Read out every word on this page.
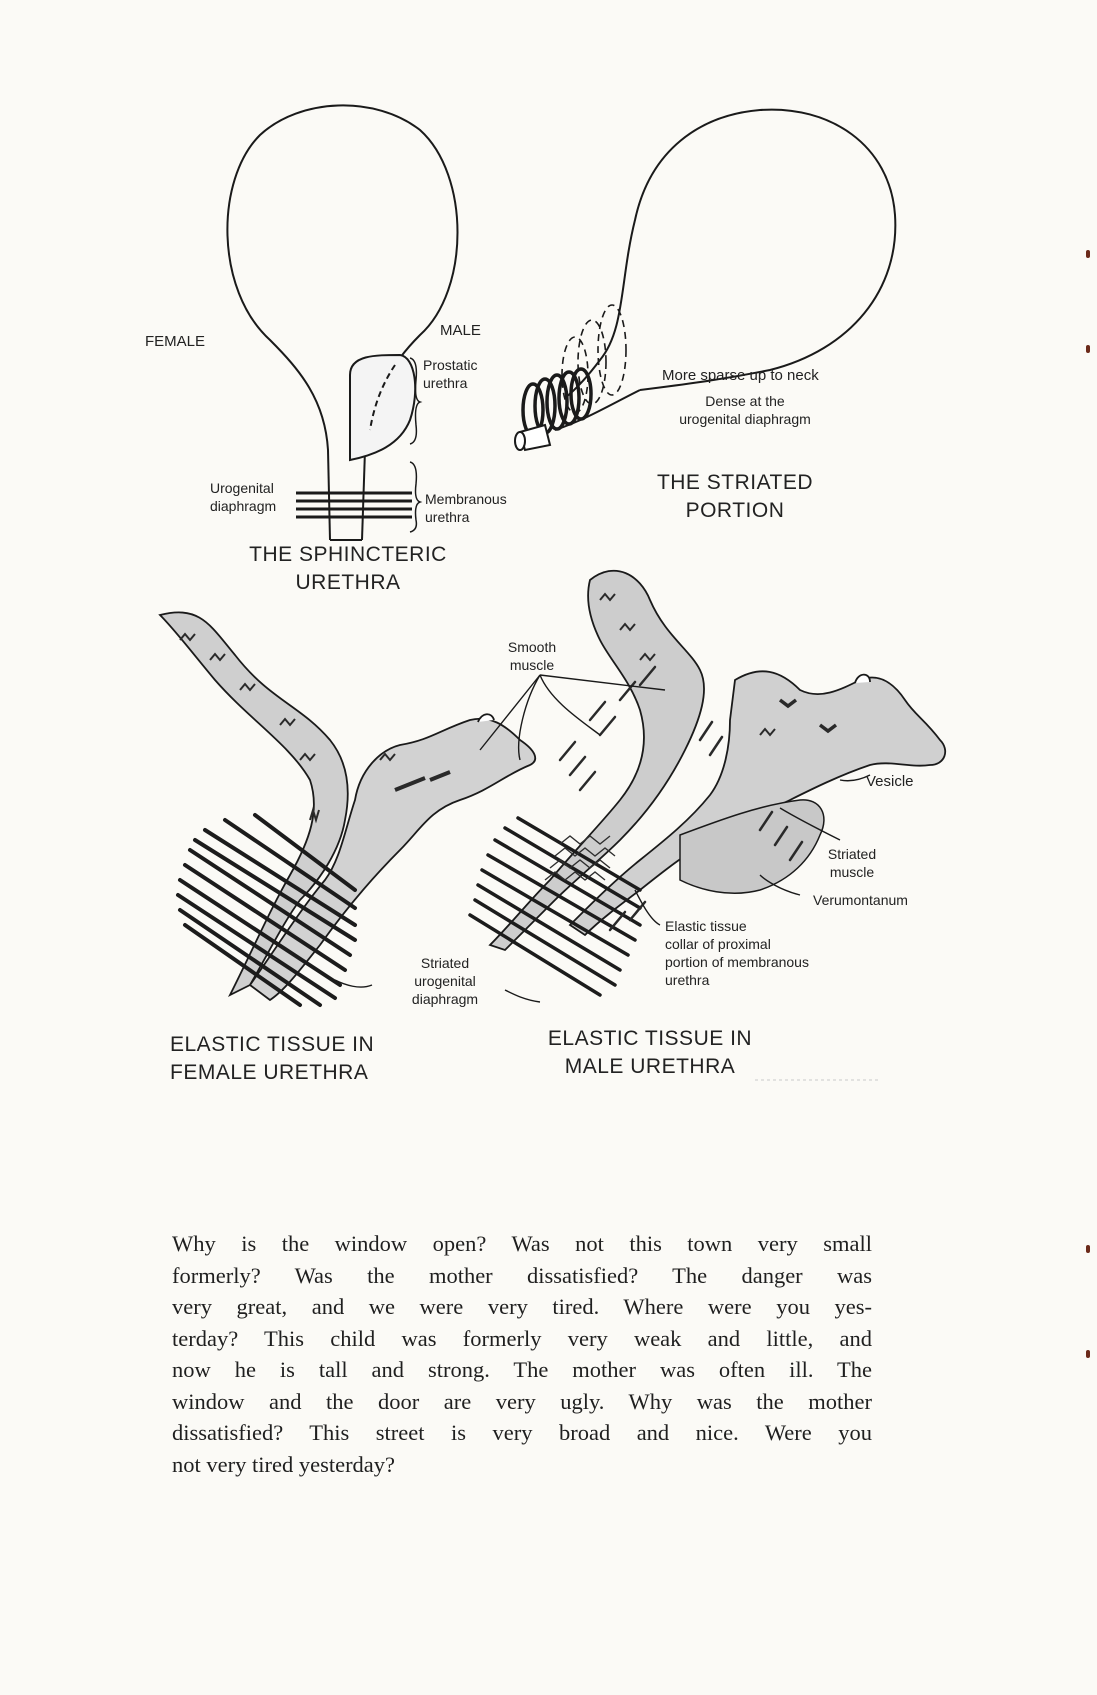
FEMALE
MALE
Prostatic
urethra
Urogenital
diaphragm	Membranous
urethra
THE SPHINCTERIC
URETHRA
More sparse up to neck
Dense at the
urogenital diaphragm
THE STRIATED
PORTION
Smooth
muscle
Vesicle
Striated
muscle
Verumontanum
Elastic tissue
collar of proximal
portion of membranous
urethra
Striated
urogenital
diaphragm
ELASTIC TISSUE IN
FEMALE URETHRA
ELASTIC TISSUE IN
MALE URETHRA
Why is the window open? Was not this town very small
formerly? Was the mother dissatisfied? The danger was
very great, and we were very tired. Where were you yes-
terday? This child was formerly very weak and little, and
now he is tall and strong. The mother was often ill. The
window and the door are very ugly. Why was the mother
dissatisfied? This street is very broad and nice. Were you
not very tired yesterday?
